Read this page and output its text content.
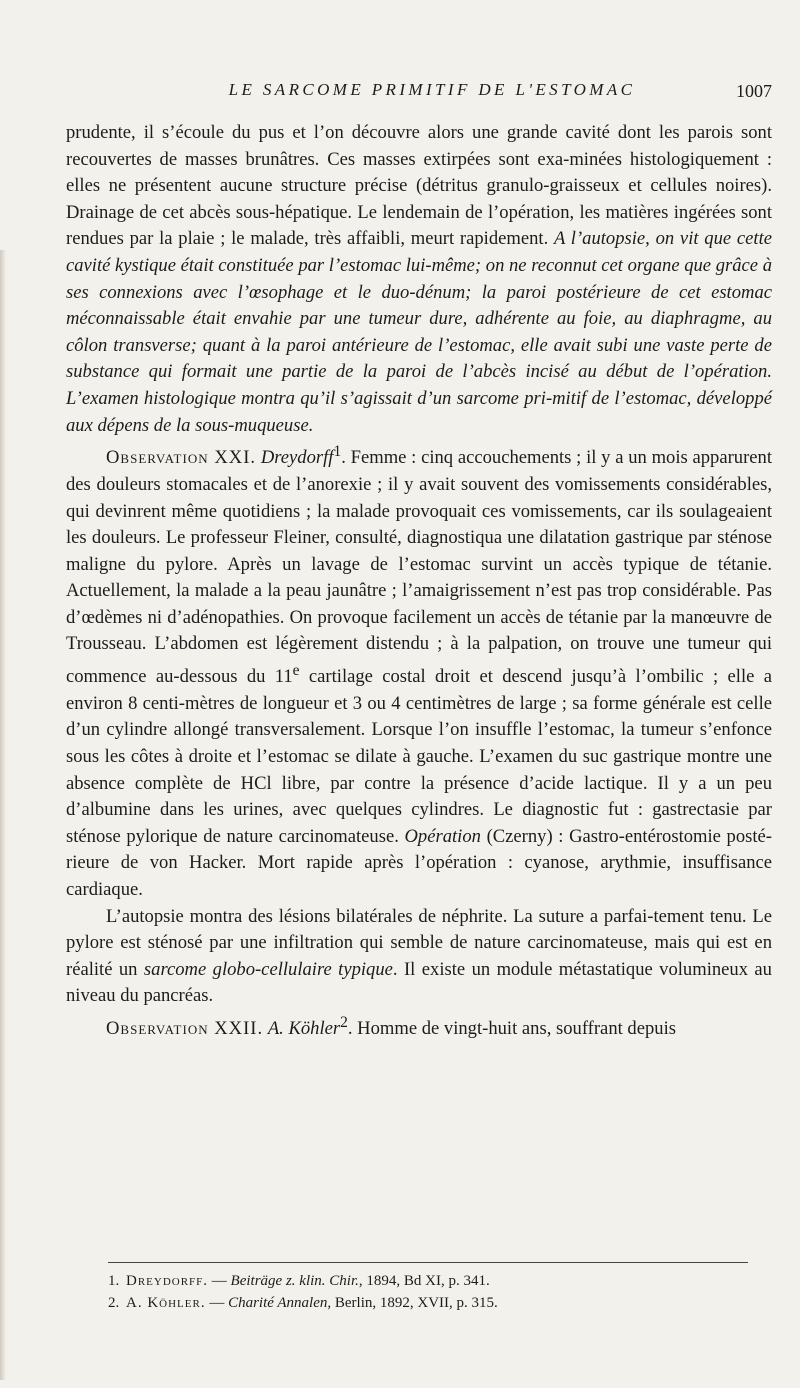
LE SARCOME PRIMITIF DE L'ESTOMAC	1007

prudente, il s’écoule du pus et l’on découvre alors une grande cavité dont les parois sont recouvertes de masses brunâtres. Ces masses extirpées sont exa-minées histologiquement : elles ne présentent aucune structure précise (détritus granulo-graisseux et cellules noires). Drainage de cet abcès sous-hépatique. Le lendemain de l’opération, les matières ingérées sont rendues par la plaie ; le malade, très affaibli, meurt rapidement. A l’autopsie, on vit que cette cavité kystique était constituée par l’estomac lui-même; on ne reconnut cet organe que grâce à ses connexions avec l’œsophage et le duo-dénum; la paroi postérieure de cet estomac méconnaissable était envahie par une tumeur dure, adhérente au foie, au diaphragme, au côlon transverse; quant à la paroi antérieure de l’estomac, elle avait subi une vaste perte de substance qui formait une partie de la paroi de l’abcès incisé au début de l’opération. L’examen histologique montra qu’il s’agissait d’un sarcome pri-mitif de l’estomac, développé aux dépens de la sous-muqueuse.

Observation XXI. Dreydorff$^1$. Femme : cinq accouchements ; il y a un mois apparurent des douleurs stomacales et de l’anorexie ; il y avait souvent des vomissements considérables, qui devinrent même quotidiens ; la malade provoquait ces vomissements, car ils soulageaient les douleurs. Le professeur Fleiner, consulté, diagnostiqua une dilatation gastrique par sténose maligne du pylore. Après un lavage de l’estomac survint un accès typique de tétanie. Actuellement, la malade a la peau jaunâtre ; l’amaigrissement n’est pas trop considérable. Pas d’œdèmes ni d’adénopathies. On provoque facilement un accès de tétanie par la manœuvre de Trousseau. L’abdomen est légèrement distendu ; à la palpation, on trouve une tumeur qui commence au-dessous du 11e cartilage costal droit et descend jusqu’à l’ombilic ; elle a environ 8 centi-mètres de longueur et 3 ou 4 centimètres de large ; sa forme générale est celle d’un cylindre allongé transversalement. Lorsque l’on insuffle l’estomac, la tumeur s’enfonce sous les côtes à droite et l’estomac se dilate à gauche. L’examen du suc gastrique montre une absence complète de HCl libre, par contre la présence d’acide lactique. Il y a un peu d’albumine dans les urines, avec quelques cylindres. Le diagnostic fut : gastrectasie par sténose pylorique de nature carcinomateuse. Opération (Czerny) : Gastro-entérostomie posté-rieure de von Hacker. Mort rapide après l’opération : cyanose, arythmie, insuffisance cardiaque.

L’autopsie montra des lésions bilatérales de néphrite. La suture a parfai-tement tenu. Le pylore est sténosé par une infiltration qui semble de nature carcinomateuse, mais qui est en réalité un sarcome globo-cellulaire typique. Il existe un module métastatique volumineux au niveau du pancréas.

Observation XXII. A. Köhler$^2$. Homme de vingt-huit ans, souffrant depuis

1. Dreydorff. — Beiträge z. klin. Chir., 1894, Bd XI, p. 341.

2. A. Köhler. — Charité Annalen, Berlin, 1892, XVII, p. 315.
